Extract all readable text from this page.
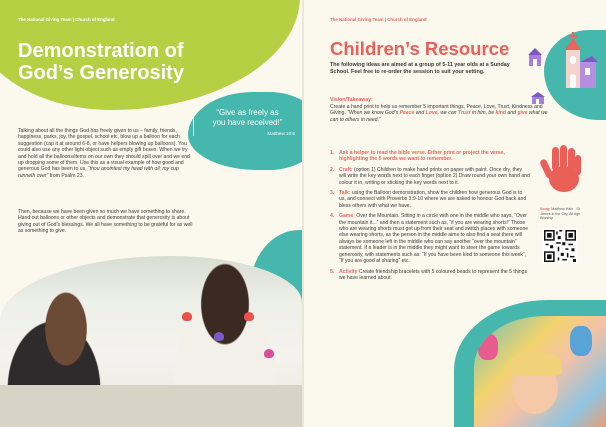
The National Giving Team | Church of England
Demonstration of
God’s Generosity
“Give as freely as
you have received!”
Matthew 10:8
Talking about all the things God has freely given to us – family, friends, happiness, parks, joy, the gospel, school etc, blow up a balloon for each suggestion (cap it at around 6-8, or have helpers blowing up balloons). You could also use any other light object such as empty gift boxes. When we try and hold all the balloons/items on our own they should spill over and we end up dropping some of them. Use this as a visual example of how good and generous God has been to us, “thou anointest my head with oil; my cup runneth over” from Psalm 23.
Then, because we have been given so much we have something to share. Hand out balloons or other objects and demonstrate that generosity is about giving out of God’s blessings. We all have something to be grateful for as well as something to give.
The National Giving Team | Church of England
Children’s Resource
The following ideas are aimed at a group of 5-11 year olds at a Sunday School. Feel free to re-order the session to suit your setting.
Vision/Takeaway:
Create a hand print to help us remember 5 important things, Peace, Love, Trust, Kindness and Giving. “When we know God’s Peace and Love, we can Trust in him, be kind and give what we can to others in need.”
1. Ask a helper to read the bible verse. Either print or project the verse, highlighting the 5 words we want to remember.
2. Craft: (option 1) Children to make hand prints on paper with paint. Once dry, they will write the key words next to each finger (option 2) Draw round your own hand and colour it in, writing or sticking the key words next to it.
3. Talk: using the Balloon demonstration, show the children how generous God is to us, and connect with Proverbs 3:9-10 where we are asked to honour God back and bless others with what we have.
4. Game: Over the Mountain. Sitting in a circle with one in the middle who says, “Over the mountain it...” and then a statement such as, “if you are wearing shorts!” Those who are wearing shorts must get up from their seat and switch places with someone else wearing shorts, as the person in the middle aims to also find a seat there will always be someone left in the middle who can say another “over the mountain” statement. If a leader is in the middle they might want to steer the game towards generosity, with statements such as: “If you have been kind to someone this week”, “If you are good at sharing” etc.
5. Activity Create friendship bracelets with 5 coloured beads to represent the 5 things we have learned about.
Song: Matthew Hain - St James in the City, All Age Worship
